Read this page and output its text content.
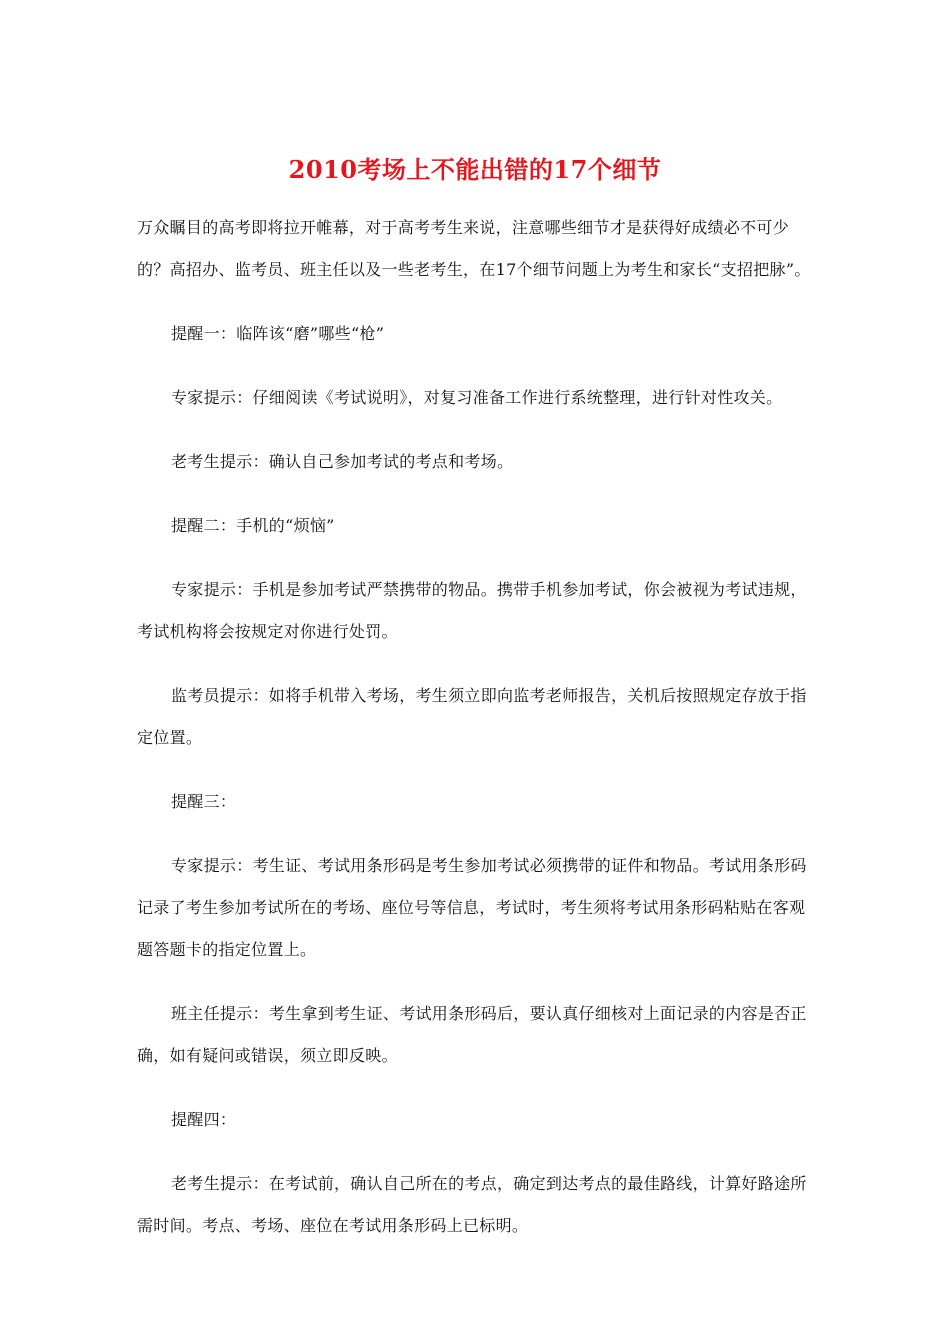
2010考场上不能出错的17个细节

万众瞩目的高考即将拉开帷幕，对于高考考生来说，注意哪些细节才是获得好成绩必不可少的？高招办、监考员、班主任以及一些老考生，在17个细节问题上为考生和家长“支招把脉”。

提醒一：临阵该“磨”哪些“枪”

专家提示：仔细阅读《考试说明》，对复习准备工作进行系统整理，进行针对性攻关。

老考生提示：确认自己参加考试的考点和考场。

提醒二：手机的“烦恼”

专家提示：手机是参加考试严禁携带的物品。携带手机参加考试，你会被视为考试违规，考试机构将会按规定对你进行处罚。

监考员提示：如将手机带入考场，考生须立即向监考老师报告，关机后按照规定存放于指定位置。

提醒三：

专家提示：考生证、考试用条形码是考生参加考试必须携带的证件和物品。考试用条形码记录了考生参加考试所在的考场、座位号等信息，考试时，考生须将考试用条形码粘贴在客观题答题卡的指定位置上。

班主任提示：考生拿到考生证、考试用条形码后，要认真仔细核对上面记录的内容是否正确，如有疑问或错误，须立即反映。

提醒四：

老考生提示：在考试前，确认自己所在的考点，确定到达考点的最佳路线，计算好路途所需时间。考点、考场、座位在考试用条形码上已标明。
